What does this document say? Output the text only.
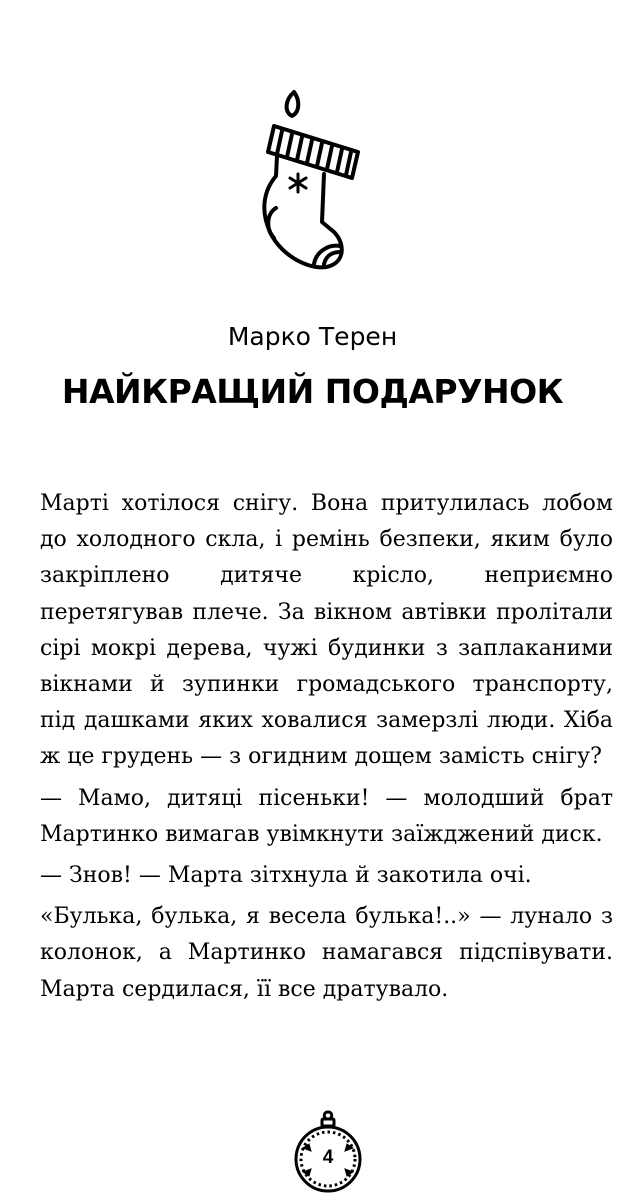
Марко Терен
НАЙКРАЩИЙ ПОДАРУНОК

Марті хотілося снігу. Вона притулилась лобом до холодного скла, і ремінь безпеки, яким було закріплено дитяче крісло, неприємно перетягував плече. За вікном автівки пролітали сірі мокрі дерева, чужі будинки з заплаканими вікнами й зупинки громадського транспорту, під дашками яких ховалися замерзлі люди. Хіба ж це грудень — з огидним дощем замість снігу?

— Мамо, дитяці пісеньки! — молодший брат Мартинко вимагав увімкнути заїжджений диск.

— Знов! — Марта зітхнула й закотила очі.

«Булька, булька, я весела булька!..» — лунало з колонок, а Мартинко намагався підспівувати. Марта сердилася, її все дратувало.

4
